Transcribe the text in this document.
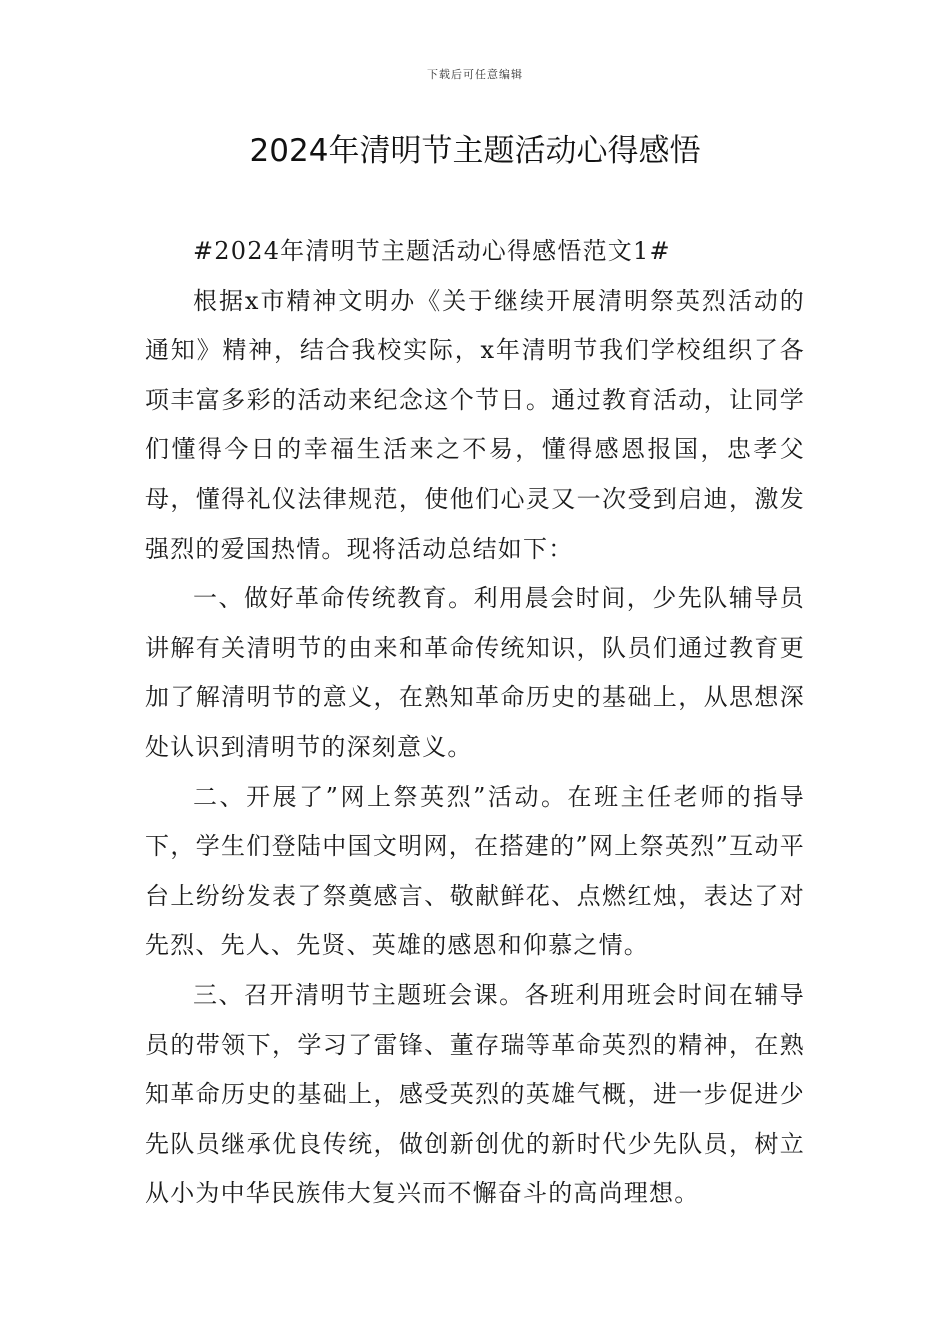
下载后可任意编辑
2024年清明节主题活动心得感悟

#2024年清明节主题活动心得感悟范文1#

根据x市精神文明办《关于继续开展清明祭英烈活动的通知》精神，结合我校实际，x年清明节我们学校组织了各项丰富多彩的活动来纪念这个节日。通过教育活动，让同学们懂得今日的幸福生活来之不易，懂得感恩报国，忠孝父母，懂得礼仪法律规范，使他们心灵又一次受到启迪，激发强烈的爱国热情。现将活动总结如下：

一、做好革命传统教育。利用晨会时间，少先队辅导员讲解有关清明节的由来和革命传统知识，队员们通过教育更加了解清明节的意义，在熟知革命历史的基础上，从思想深处认识到清明节的深刻意义。

二、开展了”网上祭英烈”活动。在班主任老师的指导下，学生们登陆中国文明网，在搭建的”网上祭英烈”互动平台上纷纷发表了祭奠感言、敬献鲜花、点燃红烛，表达了对先烈、先人、先贤、英雄的感恩和仰慕之情。

三、召开清明节主题班会课。各班利用班会时间在辅导员的带领下，学习了雷锋、董存瑞等革命英烈的精神，在熟知革命历史的基础上，感受英烈的英雄气概，进一步促进少先队员继承优良传统，做创新创优的新时代少先队员，树立从小为中华民族伟大复兴而不懈奋斗的高尚理想。
